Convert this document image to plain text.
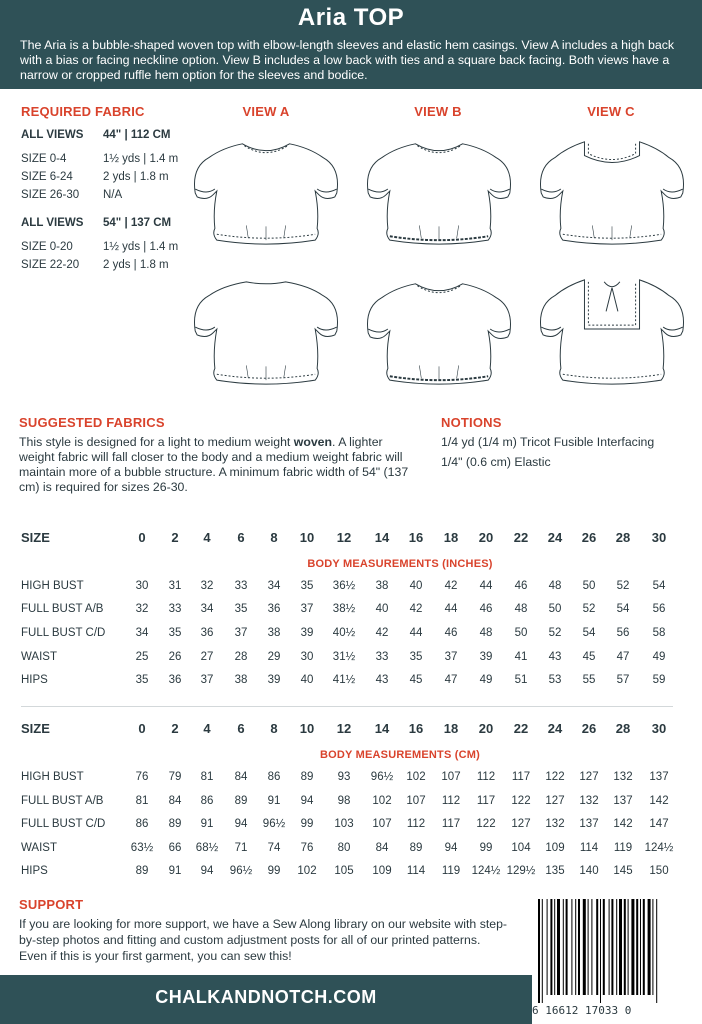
Aria TOP

The Aria is a bubble-shaped woven top with elbow-length sleeves and elastic hem casings. View A includes a high back with a bias or facing neckline option. View B includes a low back with ties and a square back facing. Both views have a narrow or cropped ruffle hem option for the sleeves and bodice.

REQUIRED FABRIC
ALL VIEWS	44" | 112 CM
SIZE 0-4	1½ yds | 1.4 m
SIZE 6-24	2 yds | 1.8 m
SIZE 26-30	N/A
ALL VIEWS	54" | 137 CM
SIZE 0-20	1½ yds | 1.4 m
SIZE 22-20	2 yds | 1.8 m
VIEW A	VIEW B	VIEW C
SUGGESTED FABRICS

This style is designed for a light to medium weight woven. A lighter weight fabric will fall closer to the body and a medium weight fabric will maintain more of a bubble structure. A minimum fabric width of 54" (137 cm) is required for sizes 26-30.

NOTIONS
1/4 yd (1/4 m) Tricot Fusible Interfacing
1/4" (0.6 cm) Elastic
SIZE	0	2	4	6	8	10	12	14	16	18	20	22	24	26	28	30
BODY MEASUREMENTS (INCHES)
HIGH BUST	30	31	32	33	34	35	36½	38	40	42	44	46	48	50	52	54
FULL BUST A/B	32	33	34	35	36	37	38½	40	42	44	46	48	50	52	54	56
FULL BUST C/D	34	35	36	37	38	39	40½	42	44	46	48	50	52	54	56	58
WAIST	25	26	27	28	29	30	31½	33	35	37	39	41	43	45	47	49
HIPS	35	36	37	38	39	40	41½	43	45	47	49	51	53	55	57	59
SIZE	0	2	4	6	8	10	12	14	16	18	20	22	24	26	28	30
BODY MEASUREMENTS (CM)
HIGH BUST	76	79	81	84	86	89	93	96½	102	107	112	117	122	127	132	137
FULL BUST A/B	81	84	86	89	91	94	98	102	107	112	117	122	127	132	137	142
FULL BUST C/D	86	89	91	94	96½	99	103	107	112	117	122	127	132	137	142	147
WAIST	63½	66	68½	71	74	76	80	84	89	94	99	104	109	114	119	124½
HIPS	89	91	94	96½	99	102	105	109	114	119 124½ 129½ 135	140	145	150
SUPPORT

If you are looking for more support, we have a Sew Along library on our website with step-by-step photos and fitting and custom adjustment posts for all of our printed patterns. Even if this is your first garment, you can sew this!

6 16612 17033 0
CHALKANDNOTCH.COM
